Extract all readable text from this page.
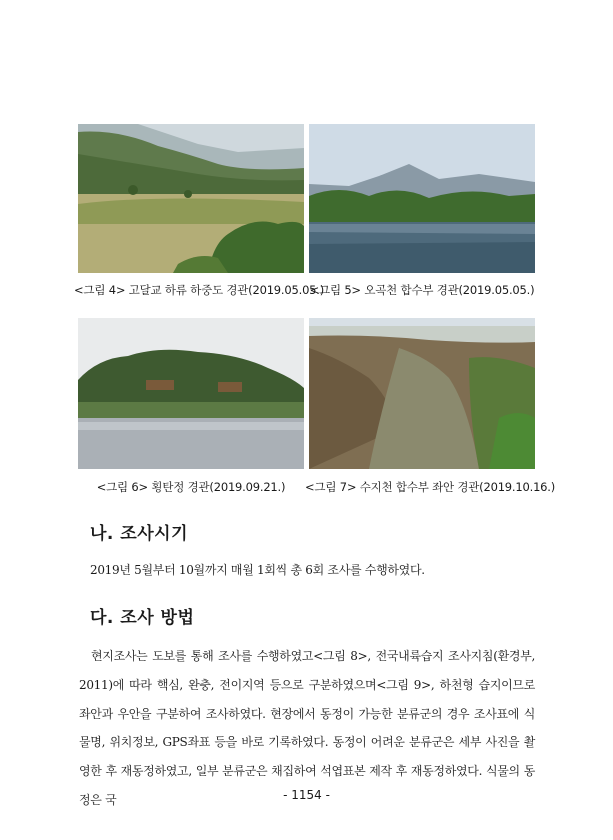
<그림 4> 고달교 하류 하중도 경관(2019.05.05.)
<그림 5> 오곡천 합수부 경관(2019.05.05.)
<그림 6> 횡탄정 경관(2019.09.21.)	<그림 7> 수지천 합수부 좌안 경관(2019.10.16.)
나. 조사시기
2019년 5월부터 10월까지 매월 1회씩 총 6회 조사를 수행하였다.
다. 조사 방법
현지조사는 도보를 통해 조사를 수행하였고<그림 8>, 전국내륙습지 조사지침(환경부, 2011)에 따라 핵심, 완충, 전이지역 등으로 구분하였으며<그림 9>, 하천형 습지이므로 좌안과 우안을 구분하여 조사하였다. 현장에서 동정이 가능한 분류군의 경우 조사표에 식물명, 위치정보, GPS좌표 등을 바로 기록하였다. 동정이 어려운 분류군은 세부 사진을 촬영한 후 재동정하였고, 일부 분류군은 채집하여 석엽표본 제작 후 재동정하였다. 식물의 동정은 국	- 1154 -
